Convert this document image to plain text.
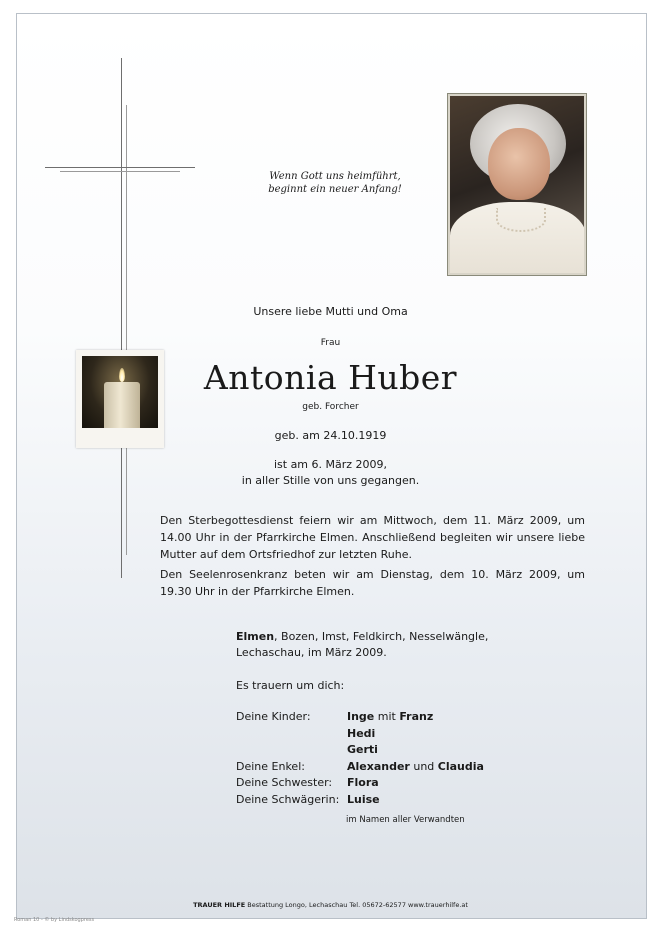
Wenn Gott uns heimführt,
beginnt ein neuer Anfang!
Unsere liebe Mutti und Oma
Frau
Antonia Huber
geb. Forcher
geb. am 24.10.1919
ist am 6. März 2009,
in aller Stille von uns gegangen.
Den Sterbegottesdienst feiern wir am Mittwoch, dem 11. März 2009, um 14.00 Uhr in der Pfarrkirche Elmen. Anschließend begleiten wir unsere liebe Mutter auf dem Ortsfriedhof zur letzten Ruhe.
Den Seelenrosenkranz beten wir am Dienstag, dem 10. März 2009, um 19.30 Uhr in der Pfarrkirche Elmen.
Elmen, Bozen, Imst, Feldkirch, Nesselwängle,
Lechaschau, im März 2009.
Es trauern um dich:
Deine Kinder:	Inge mit Franz
Hedi
Gerti
Deine Enkel:	Alexander und Claudia
Deine Schwester:	Flora
Deine Schwägerin: Luise
im Namen aller Verwandten
TRAUER HILFE Bestattung Longo, Lechaschau Tel. 05672-62577 www.trauerhilfe.at
Roman 10 - © by Lindskogpress
